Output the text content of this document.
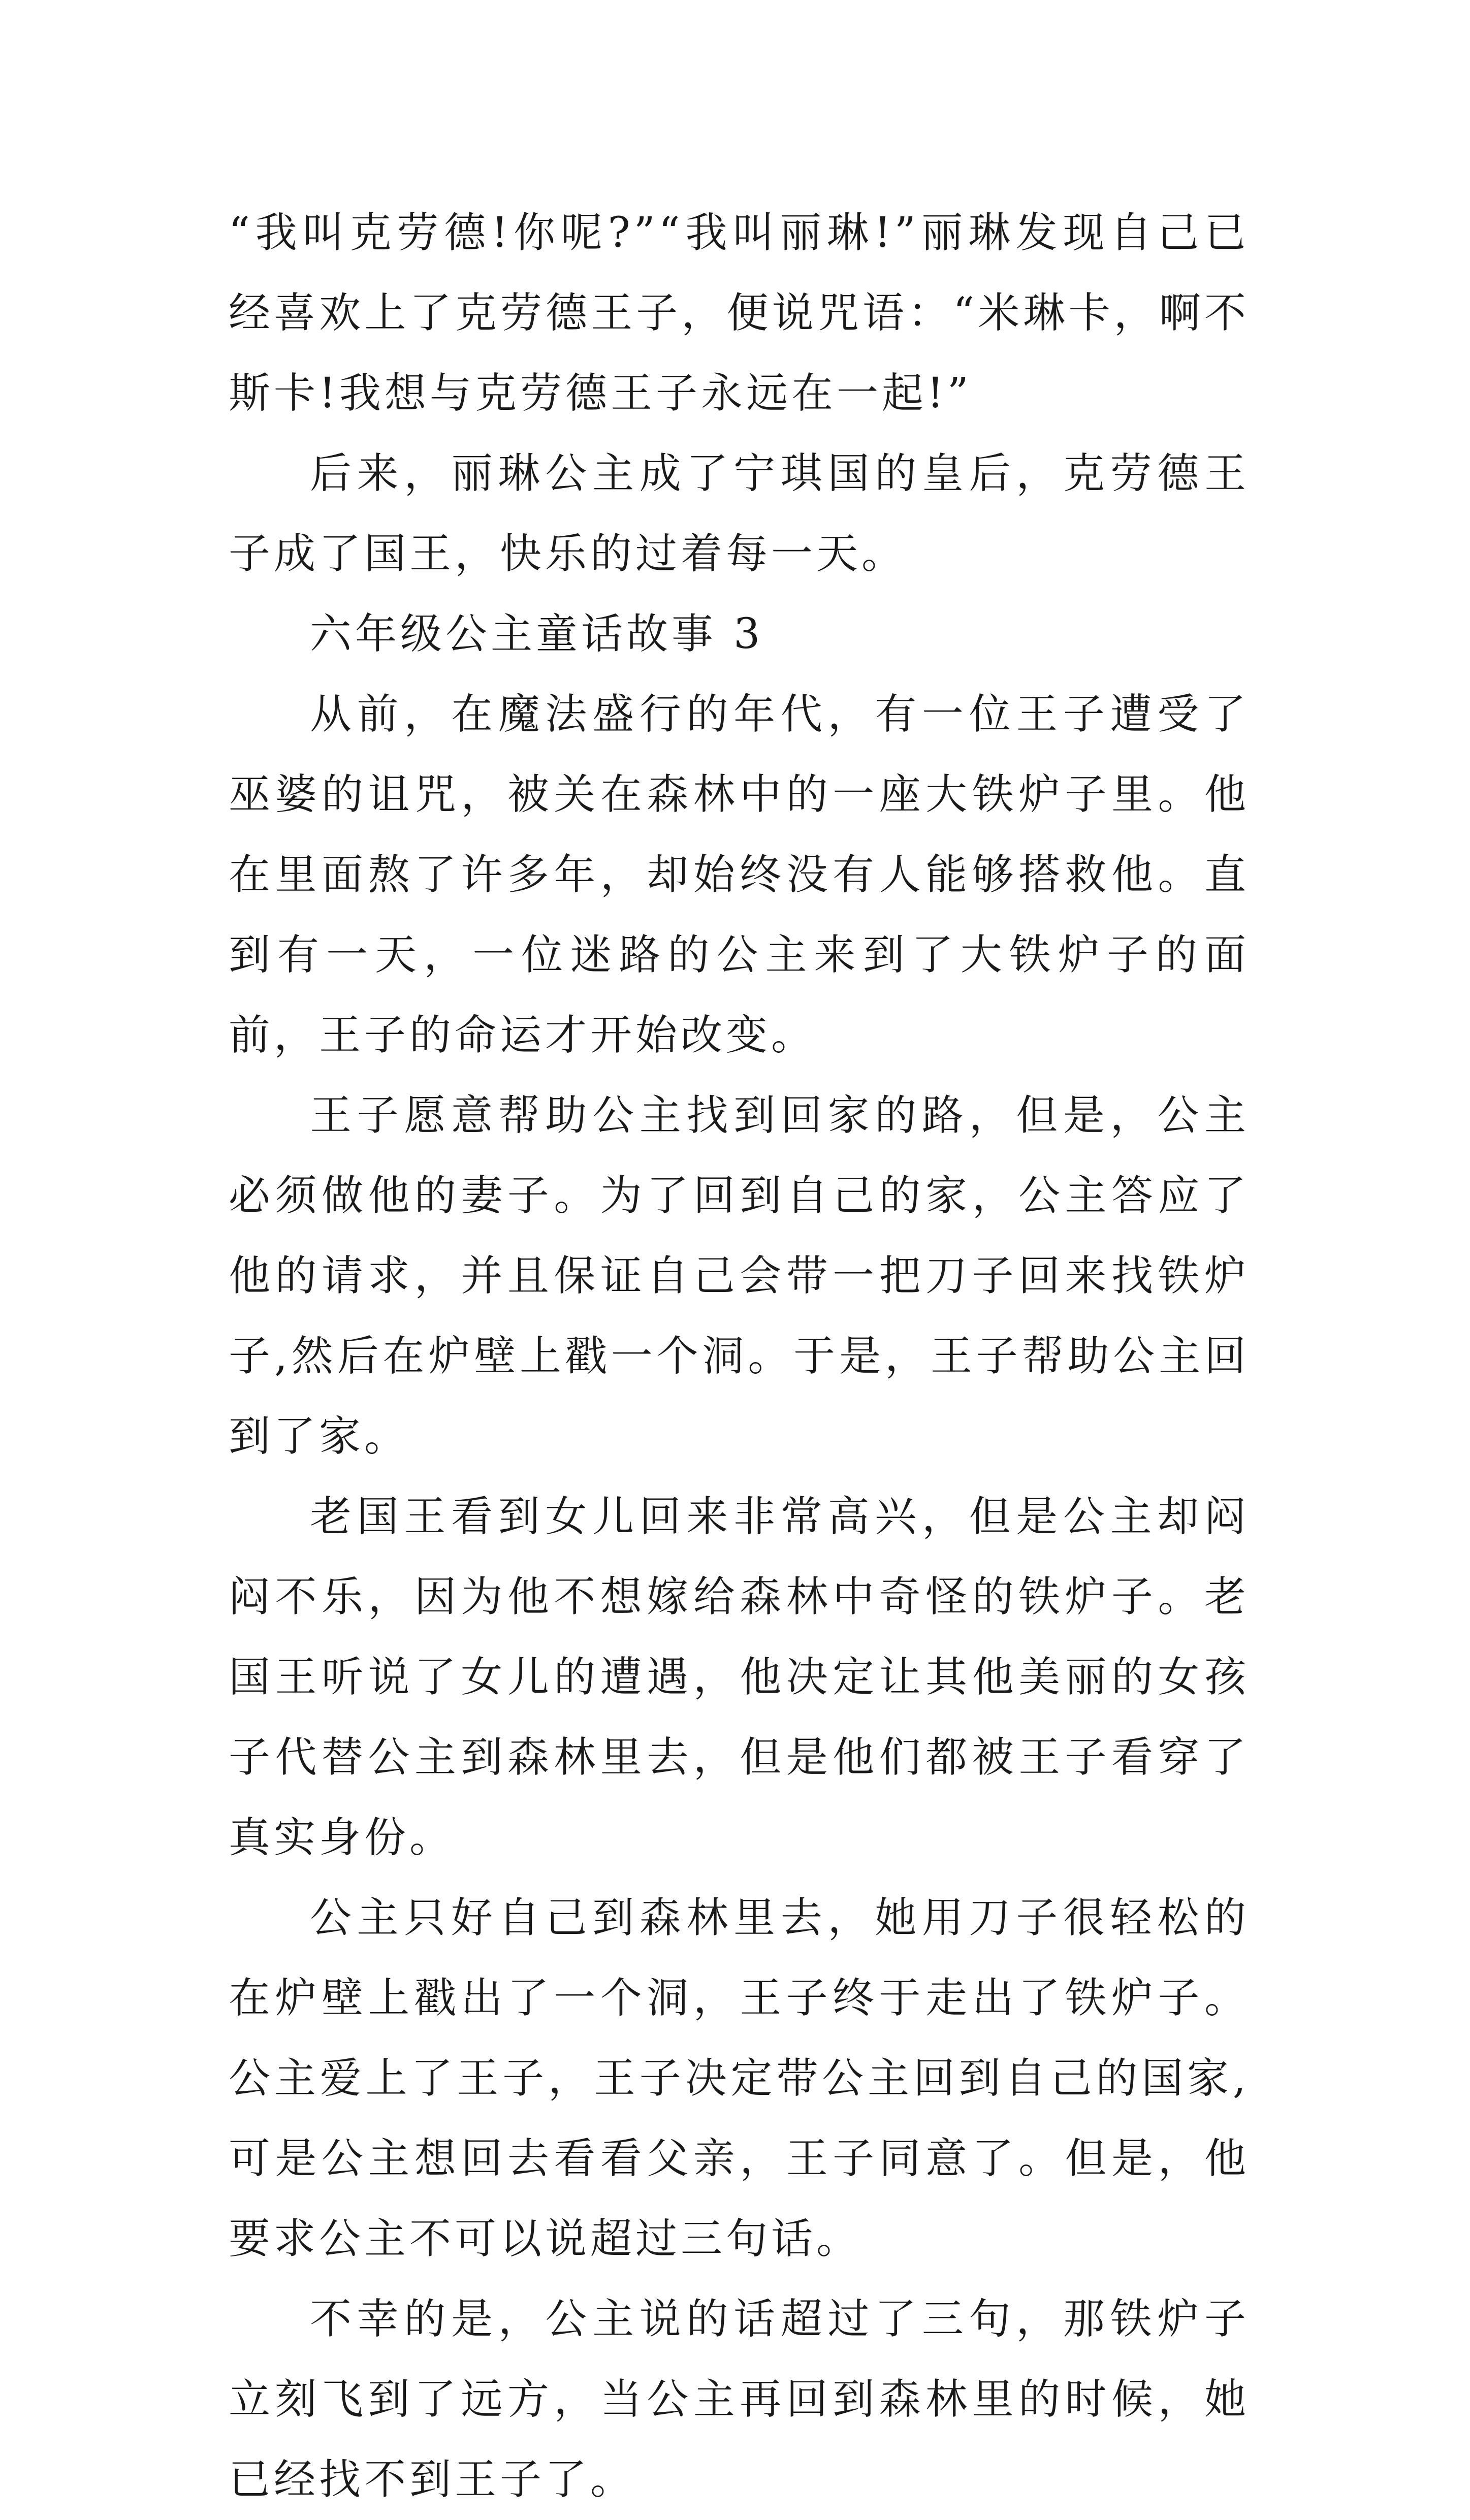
“我叫克劳德!你呢?”“我叫丽琳!”丽琳发现自己已经喜欢上了克劳德王子，便说咒语：“米琳卡，啊不斯卡!我想与克劳德王子永远在一起!”

后来，丽琳公主成了宁琪国的皇后，克劳德王子成了国王，快乐的过着每一天。

六年级公主童话故事 3

从前，在魔法盛行的年代，有一位王子遭受了巫婆的诅咒，被关在森林中的一座大铁炉子里。他在里面熬了许多年，却始终没有人能够搭救他。直到有一天，一位迷路的公主来到了大铁炉子的面前，王子的命运才开始改变。

王子愿意帮助公主找到回家的路，但是，公主必须做他的妻子。为了回到自己的家，公主答应了他的请求，并且保证自己会带一把刀子回来找铁炉子,然后在炉壁上戳一个洞。于是，王子帮助公主回到了家。

老国王看到女儿回来非常高兴，但是公主却闷闷不乐，因为他不想嫁给森林中奇怪的铁炉子。老国王听说了女儿的遭遇，他决定让其他美丽的女孩子代替公主到森林里去，但是他们都被王子看穿了真实身份。

公主只好自己到森林里去，她用刀子很轻松的在炉壁上戳出了一个洞，王子终于走出了铁炉子。公主爱上了王子，王子决定带公主回到自己的国家,可是公主想回去看看父亲，王子同意了。但是，他要求公主不可以说超过三句话。

不幸的是，公主说的话超过了三句，那铁炉子立刻飞到了远方，当公主再回到森林里的时候，她已经找不到王子了。
